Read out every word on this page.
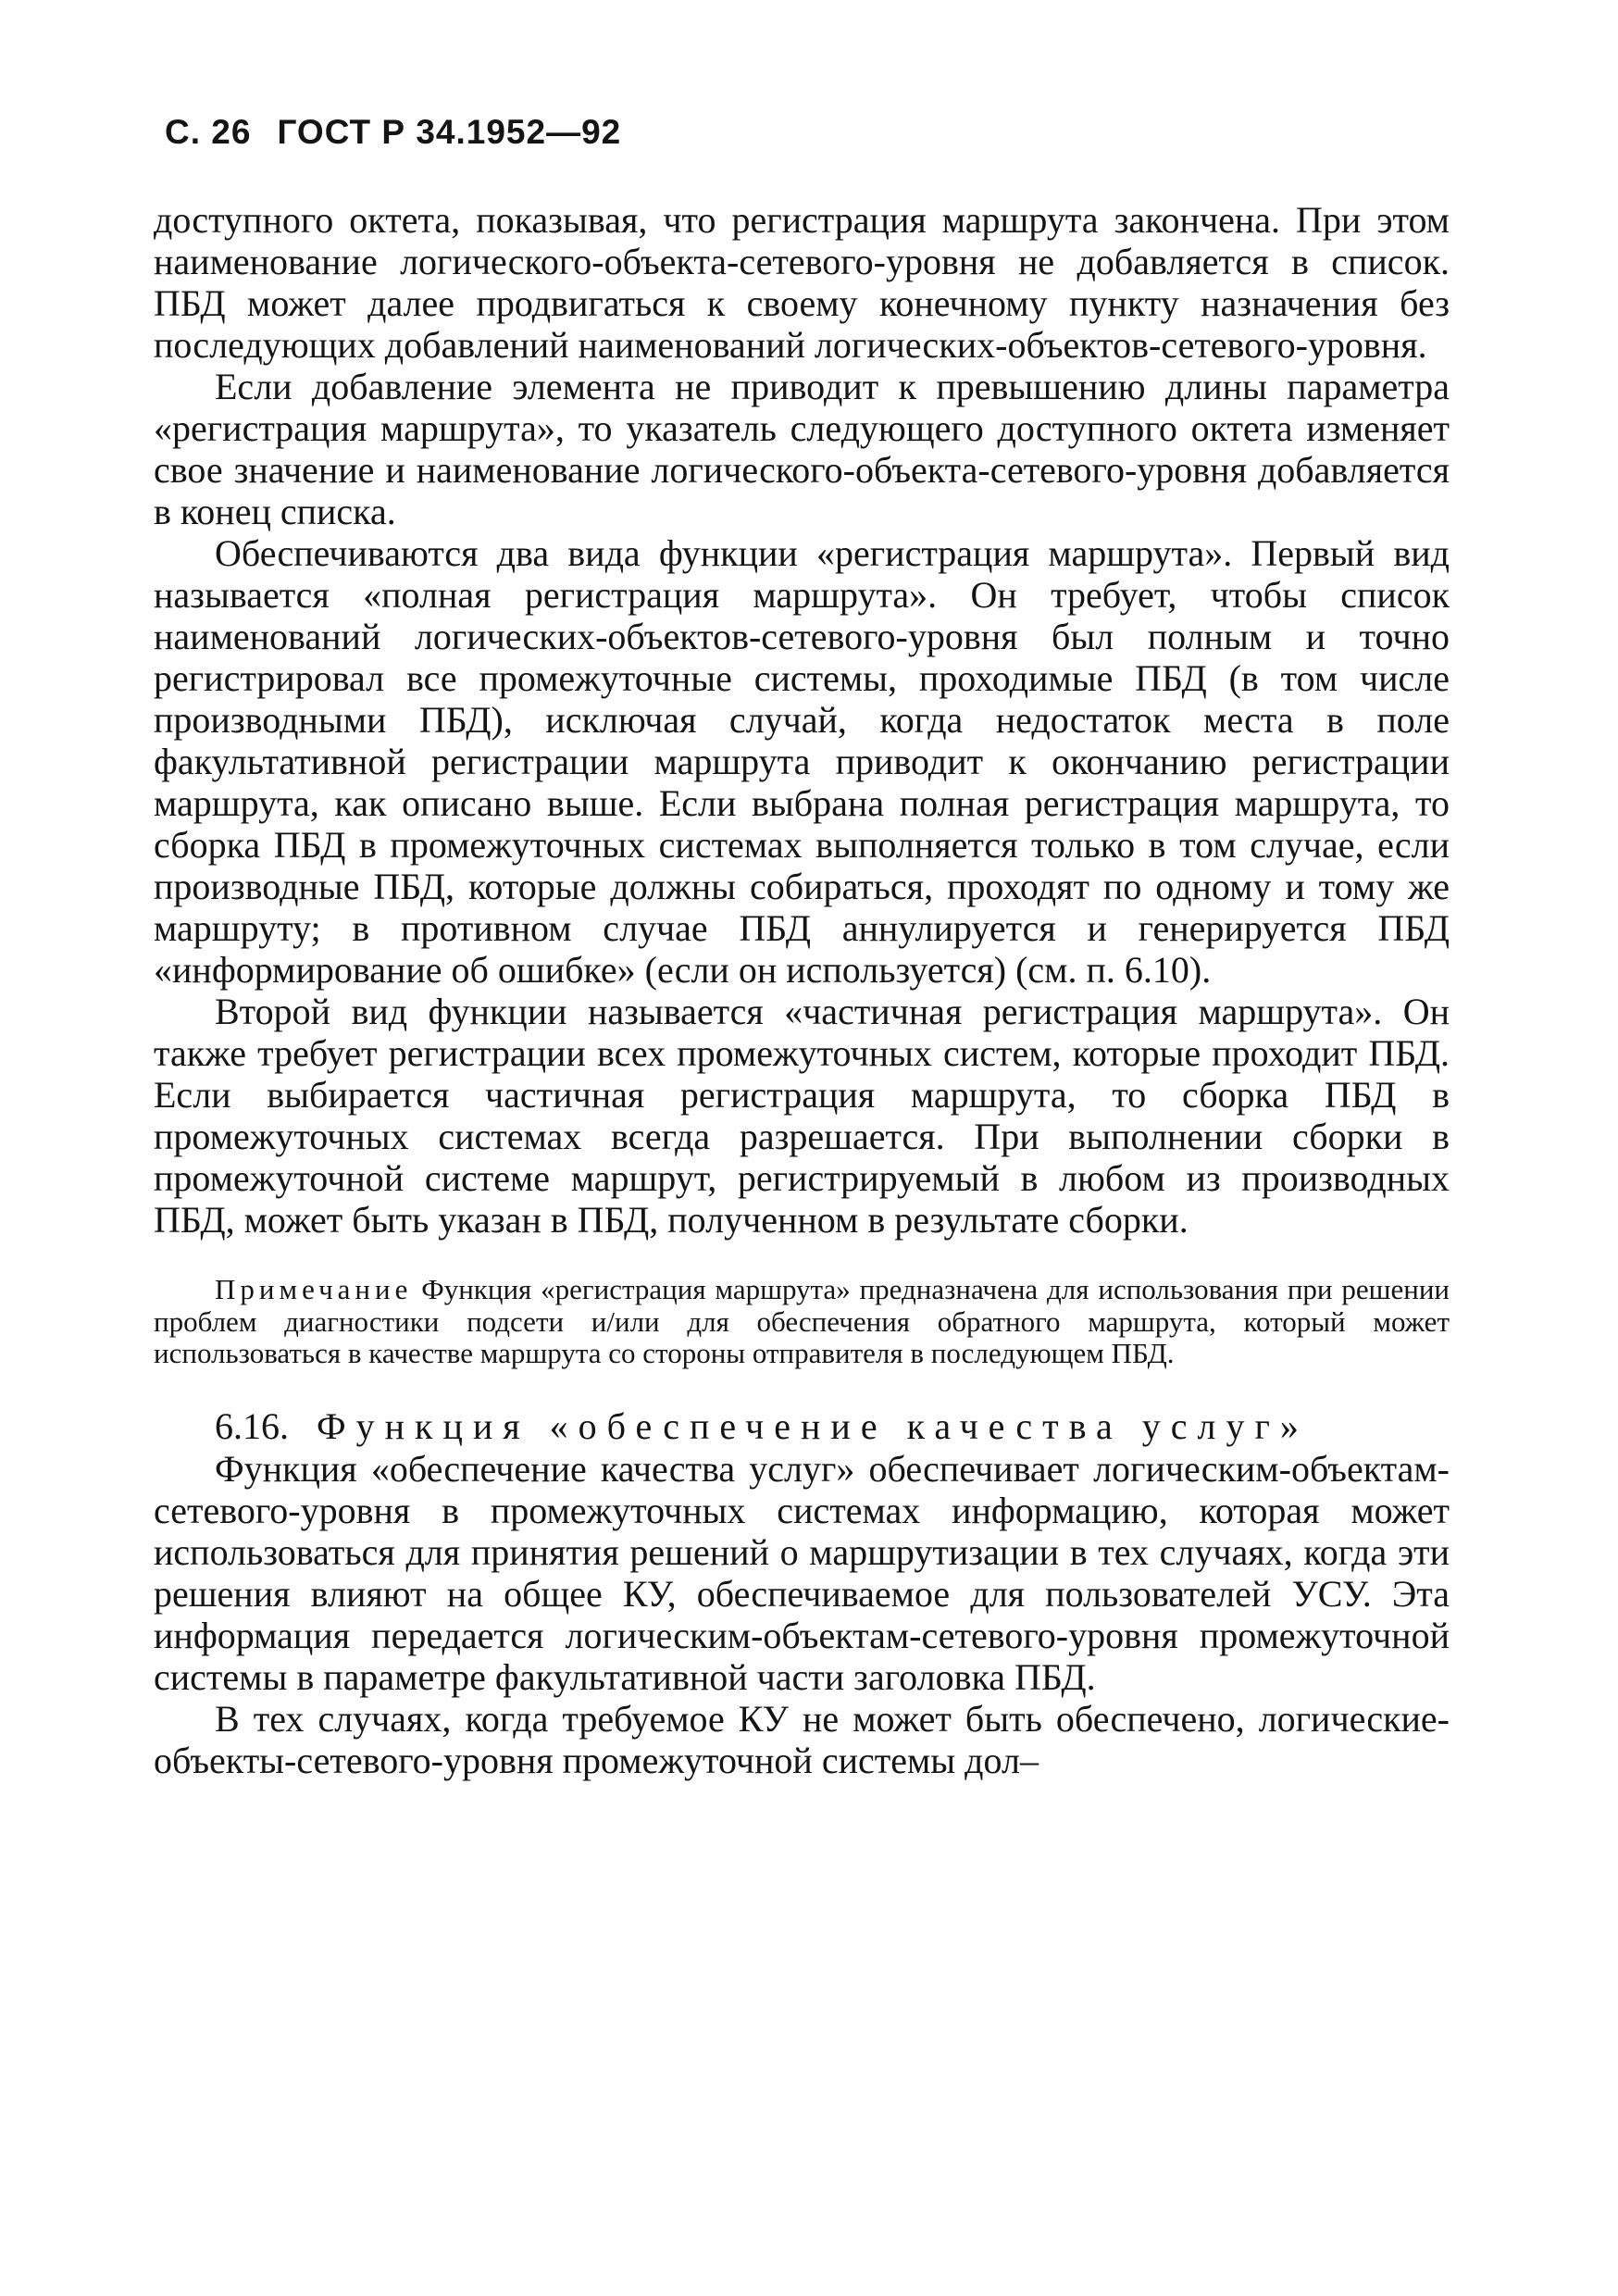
С. 26 ГОСТ Р 34.1952—92

доступного октета, показывая, что регистрация маршрута закончена. При этом наименование логического-объекта-сетевого-уровня не добавляется в список. ПБД может далее продвигаться к своему конечному пункту назначения без последующих добавлений наименований логических-объектов-сетевого-уровня.

Если добавление элемента не приводит к превышению длины параметра «регистрация маршрута», то указатель следующего доступного октета изменяет свое значение и наименование логического-объекта-сетевого-уровня добавляется в конец списка.

Обеспечиваются два вида функции «регистрация маршрута». Первый вид называется «полная регистрация маршрута». Он требует, чтобы список наименований логических-объектов-сетевого-уровня был полным и точно регистрировал все промежуточные системы, проходимые ПБД (в том числе производными ПБД), исключая случай, когда недостаток места в поле факультативной регистрации маршрута приводит к окончанию регистрации маршрута, как описано выше. Если выбрана полная регистрация маршрута, то сборка ПБД в промежуточных системах выполняется только в том случае, если производные ПБД, которые должны собираться, проходят по одному и тому же маршруту; в противном случае ПБД аннулируется и генерируется ПБД «информирование об ошибке» (если он используется) (см. п. 6.10).

Второй вид функции называется «частичная регистрация маршрута». Он также требует регистрации всех промежуточных систем, которые проходит ПБД. Если выбирается частичная регистрация маршрута, то сборка ПБД в промежуточных системах всегда разрешается. При выполнении сборки в промежуточной системе маршрут, регистрируемый в любом из производных ПБД, может быть указан в ПБД, полученном в результате сборки.

Примечание Функция «регистрация маршрута» предназначена для использования при решении проблем диагностики подсети и/или для обеспечения обратного маршрута, который может использоваться в качестве маршрута со стороны отправителя в последующем ПБД.

6.16. Функция «обеспечение качества услуг»

Функция «обеспечение качества услуг» обеспечивает логическим-объектам-сетевого-уровня в промежуточных системах информацию, которая может использоваться для принятия решений о маршрутизации в тех случаях, когда эти решения влияют на общее КУ, обеспечиваемое для пользователей УСУ. Эта информация передается логическим-объектам-сетевого-уровня промежуточной системы в параметре факультативной части заголовка ПБД.

В тех случаях, когда требуемое КУ не может быть обеспечено, логические-объекты-сетевого-уровня промежуточной системы дол–
